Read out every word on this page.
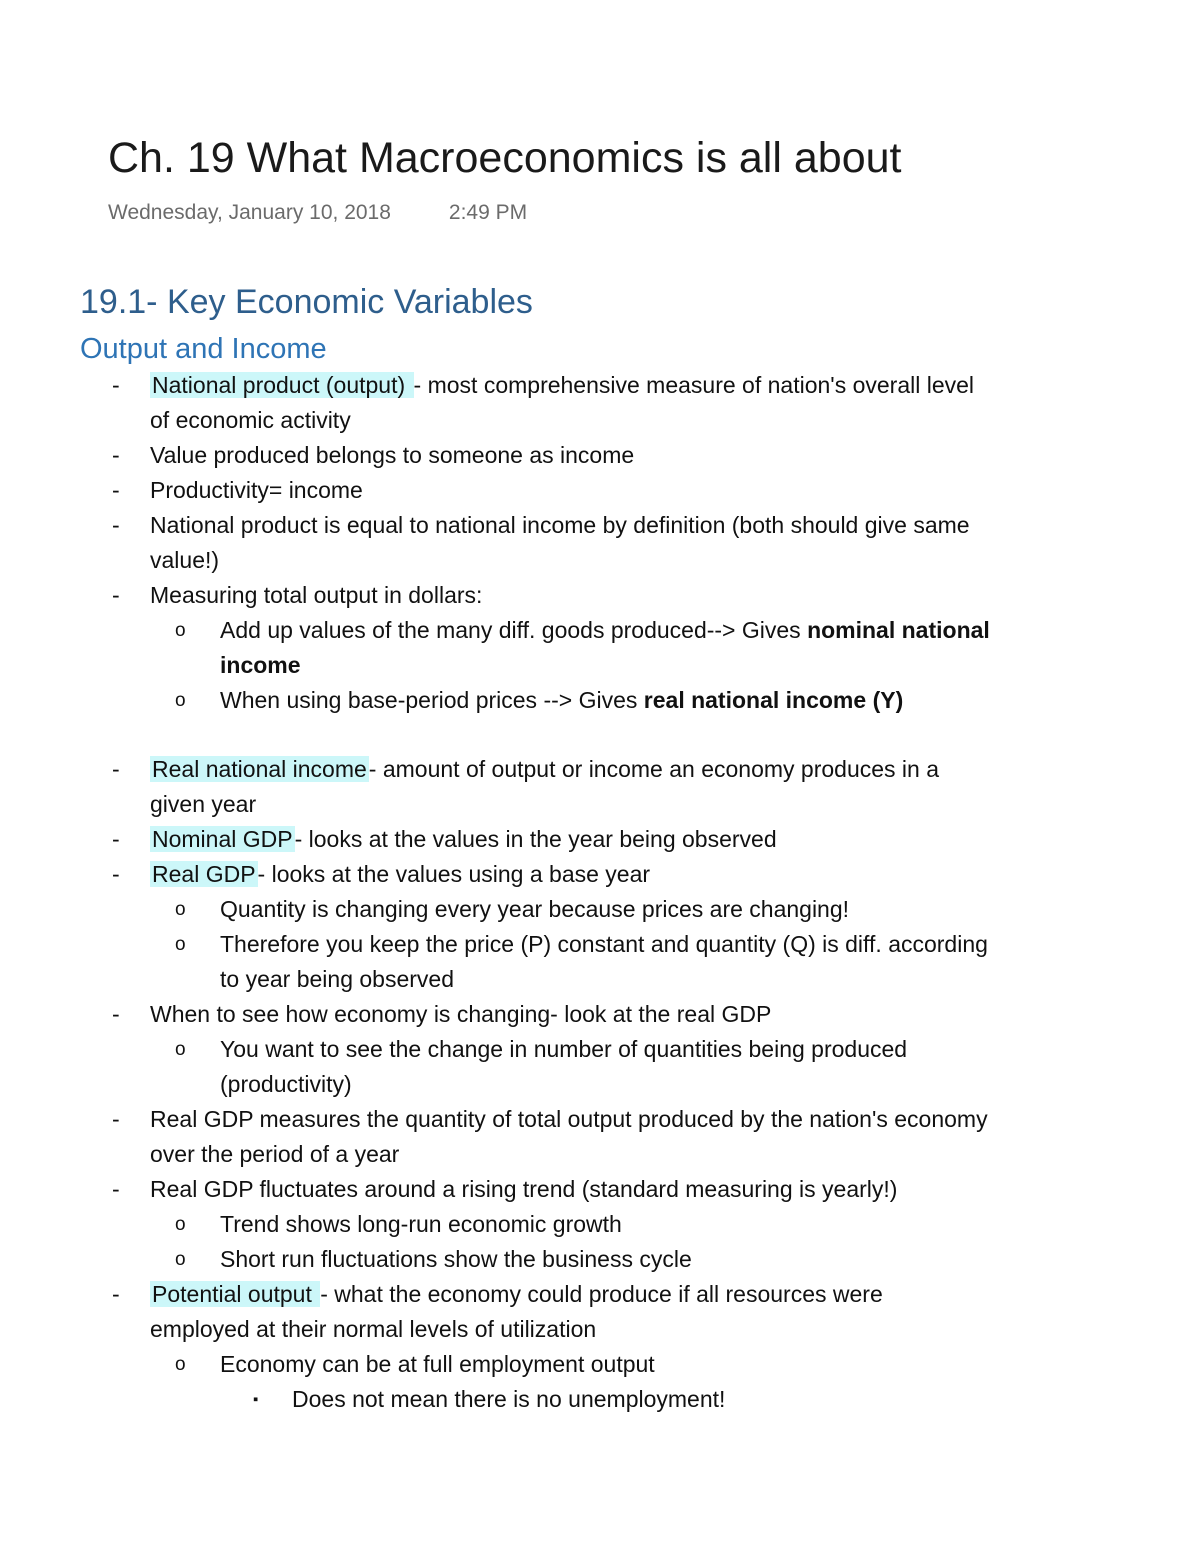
Ch. 19 What Macroeconomics is all about
Wednesday, January 10, 2018	2:49 PM
19.1- Key Economic Variables
Output and Income
- National product (output) - most comprehensive measure of nation's overall level
of economic activity
- Value produced belongs to someone as income
- Productivity= income
- National product is equal to national income by definition (both should give same
value!)
- Measuring total output in dollars:
o Add up values of the many diff. goods produced--> Gives nominal national
income
o When using base-period prices --> Gives real national income (Y)
- Real national income- amount of output or income an economy produces in a
given year
- Nominal GDP- looks at the values in the year being observed
- Real GDP- looks at the values using a base year
o Quantity is changing every year because prices are changing!
o Therefore you keep the price (P) constant and quantity (Q) is diff. according
to year being observed
- When to see how economy is changing- look at the real GDP
o You want to see the change in number of quantities being produced
(productivity)
- Real GDP measures the quantity of total output produced by the nation's economy
over the period of a year
- Real GDP fluctuates around a rising trend (standard measuring is yearly!)
o Trend shows long-run economic growth
o Short run fluctuations show the business cycle
- Potential output - what the economy could produce if all resources were
employed at their normal levels of utilization
o Economy can be at full employment output
▪ Does not mean there is no unemployment!
